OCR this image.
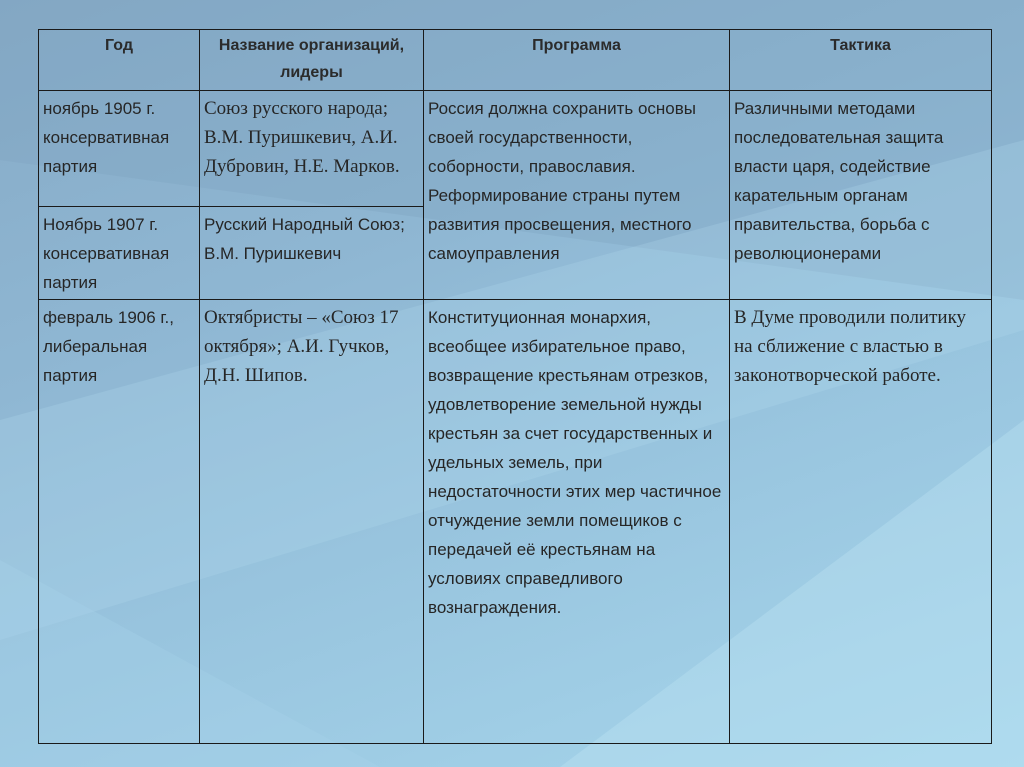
Год	Название организаций, лидеры	Программа	Тактика

ноябрь 1905 г. консервативная партия	Союз русского народа; В.М. Пуришкевич, А.И. Дубровин, Н.Е. Марков.	Россия должна сохранить основы своей государственности, соборности, православия. Реформирование страны путем развития просвещения, местного самоуправления	Различными методами последовательная защита власти царя, содействие карательным органам правительства, борьба с революционерами

Ноябрь 1907 г. консервативная партия	Русский Народный Союз; В.М. Пуришкевич		

февраль 1906 г., либеральная партия	Октябристы – «Союз 17 октября»; А.И. Гучков, Д.Н. Шипов.	Конституционная монархия, всеобщее избирательное право, возвращение крестьянам отрезков, удовлетворение земельной нужды крестьян за счет государственных и удельных земель, при недостаточности этих мер частичное отчуждение земли помещиков с передачей её крестьянам на условиях справедливого вознаграждения.	В Думе проводили политику на сближение с властью в законотворческой работе.
